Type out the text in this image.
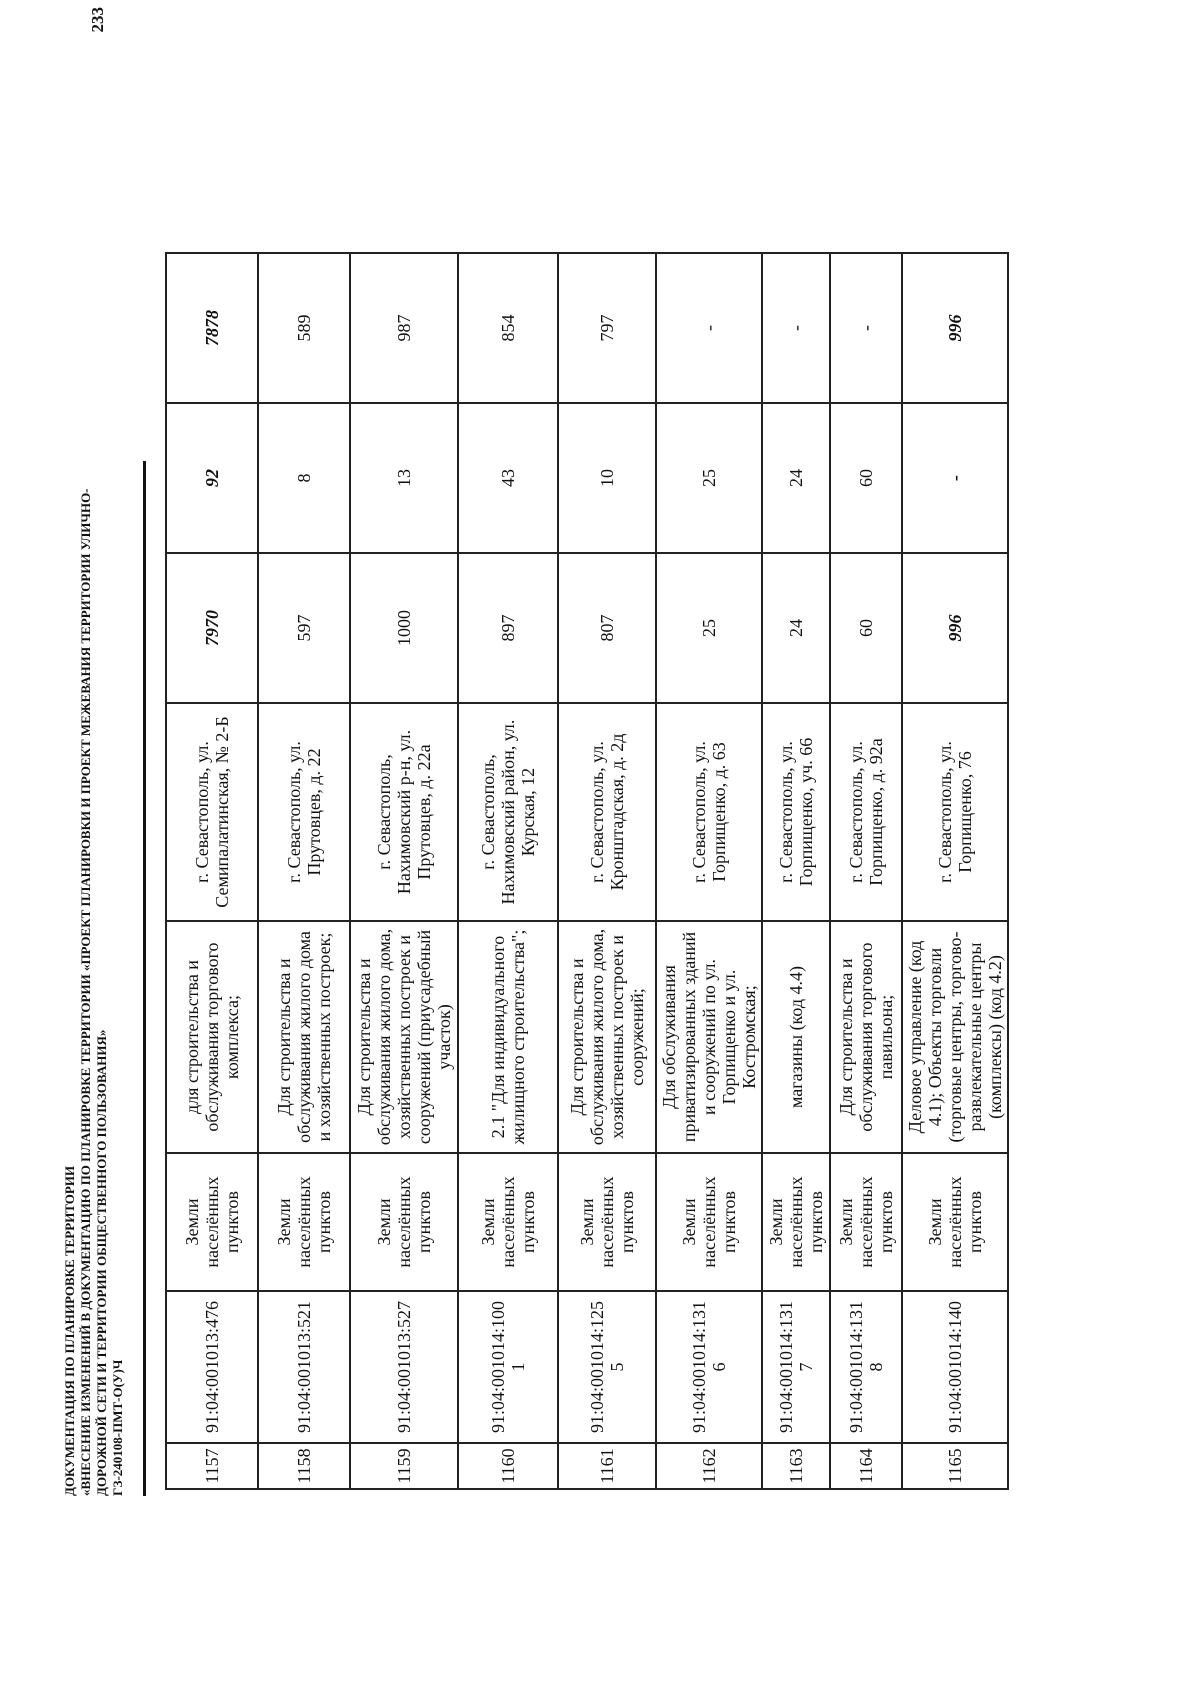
ДОКУМЕНТАЦИЯ ПО ПЛАНИРОВКЕ ТЕРРИТОРИИ «ВНЕСЕНИЕ ИЗМЕНЕНИЙ В ДОКУМЕНТАЦИЮ ПО ПЛАНИРОВКЕ ТЕРРИТОРИИ «ПРОЕКТ ПЛАНИРОВКИ И ПРОЕКТ МЕЖЕВАНИЯ ТЕРРИТОРИИ УЛИЧНО- ДОРОЖНОЙ СЕТИ И ТЕРРИТОРИИ ОБЩЕСТВЕННОГО ПОЛЬЗОВАНИЯ» ГЗ-240108-ПМТ-О(У)Ч
233
1157	91:04:001013:476	Земли населённых пунктов	для строительства и обслуживания торгового комплекса;	г. Севастополь, ул. Семипалатинская, № 2-Б	7970	92	7878
1158	91:04:001013:521	Земли населённых пунктов	Для строительства и обслуживания жилого дома и хозяйственных построек;	г. Севастополь, ул. Прутовцев, д. 22	597	8	589
1159	91:04:001013:527	Земли населённых пунктов	Для строительства и обслуживания жилого дома, хозяйственных построек и сооружений (приусадебный участок)	г. Севастополь, Нахимовский р-н, ул. Прутовцев, д. 22а	1000	13	987
1160	91:04:001014:100 1	Земли населённых пунктов	2.1 "Для индивидуального жилищного строительства";	г. Севастополь, Нахимовский район, ул. Курская, 12	897	43	854
1161	91:04:001014:125 5	Земли населённых пунктов	Для строительства и обслуживания жилого дома, хозяйственных построек и сооружений;	г. Севастополь, ул. Кронштадская, д. 2д	807	10	797
1162	91:04:001014:131 6	Земли населённых пунктов	Для обслуживания приватизированных зданий и сооружений по ул. Горпищенко и ул. Костромская;	г. Севастополь, ул. Горпищенко, д. 63	25	25	-
1163	91:04:001014:131 7	Земли населённых пунктов	магазины (код 4.4)	г. Севастополь, ул. Горпищенко, уч. 66	24	24	-
1164	91:04:001014:131 8	Земли населённых пунктов	Для строительства и обслуживания торгового павильона;	г. Севастополь, ул. Горпищенко, д. 92а	60	60	-
1165	91:04:001014:140	Земли населённых пунктов	Деловое управление (код 4.1); Объекты торговли (торговые центры, торгово-развлекательные центры (комплексы) (код 4.2)	г. Севастополь, ул. Горпищенко, 76	996	-	996
